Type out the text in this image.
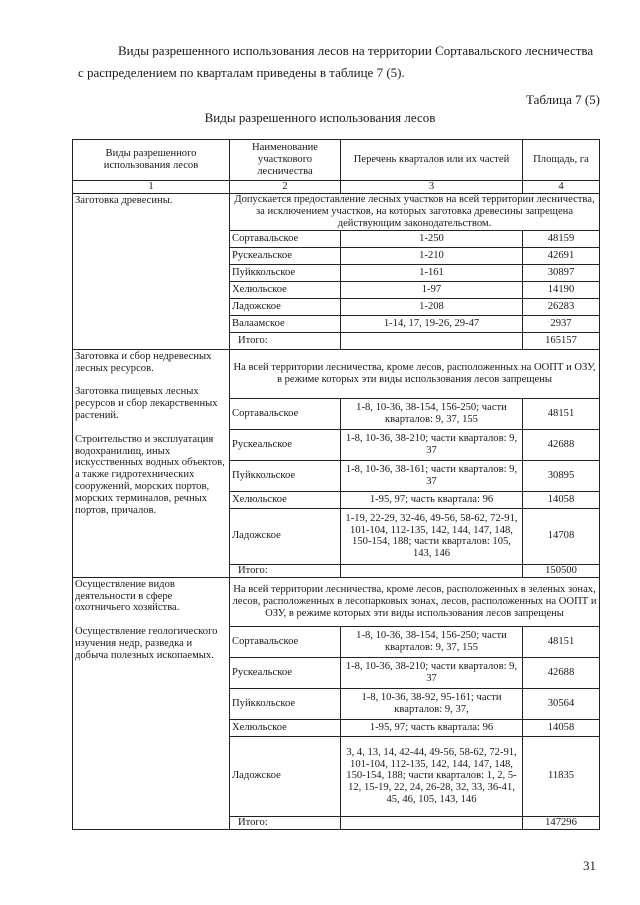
Виды разрешенного использования лесов на территории Сортавальского лесничества с распределением по кварталам приведены в таблице 7 (5).

Таблица 7 (5)

Виды разрешенного использования лесов

Виды разрешенного использования лесов	Наименование участкового лесничества	Перечень кварталов или их частей	Площадь, га
1	2	3	4

Заготовка древесины.	Допускается предоставление лесных участков на всей территории лесничества, за исключением участков, на которых заготовка древесины запрещена действующим законодательством.		
	Сортавальское	1-250	48159
	Рускеальское	1-210	42691
	Пуйккольское	1-161	30897
	Хелюльское	1-97	14190
	Ладожское	1-208	26283
	Валаамское	1-14, 17, 19-26, 29-47	2937
	Итого:		165157

Заготовка и сбор недревесных лесных ресурсов.
Заготовка пищевых лесных ресурсов и сбор лекарственных растений.
Строительство и эксплуатация водохранилищ, иных искусственных водных объектов, а также гидротехнических сооружений, морских портов, морских терминалов, речных портов, причалов.	На всей территории лесничества, кроме лесов, расположенных на ООПТ и ОЗУ, в режиме которых эти виды использования лесов запрещены		
	Сортавальское	1-8, 10-36, 38-154, 156-250; части кварталов: 9, 37, 155	48151
	Рускеальское	1-8, 10-36, 38-210; части кварталов: 9, 37	42688
	Пуйккольское	1-8, 10-36, 38-161; части кварталов: 9, 37	30895
	Хелюльское	1-95, 97; часть квартала: 96	14058
	Ладожское	1-19, 22-29, 32-46, 49-56, 58-62, 72-91, 101-104, 112-135, 142, 144, 147, 148, 150-154, 188; части кварталов: 105, 143, 146	14708
	Итого:		150500

Осуществление видов деятельности в сфере охотничьего хозяйства.
Осуществление геологического изучения недр, разведка и добыча полезных ископаемых.	На всей территории лесничества, кроме лесов, расположенных в зеленых зонах, лесов, расположенных в лесопарковых зонах, лесов, расположенных на ООПТ и ОЗУ, в режиме которых эти виды использования лесов запрещены		
	Сортавальское	1-8, 10-36, 38-154, 156-250; части кварталов: 9, 37, 155	48151
	Рускеальское	1-8, 10-36, 38-210; части кварталов: 9, 37	42688
	Пуйккольское	1-8, 10-36, 38-92, 95-161; части кварталов: 9, 37,	30564
	Хелюльское	1-95, 97; часть квартала: 96	14058
	Ладожское	3, 4, 13, 14, 42-44, 49-56, 58-62, 72-91, 101-104, 112-135, 142, 144, 147, 148, 150-154, 188; части кварталов: 1, 2, 5-12, 15-19, 22, 24, 26-28, 32, 33, 36-41, 45, 46, 105, 143, 146	11835
	Итого:		147296

31
